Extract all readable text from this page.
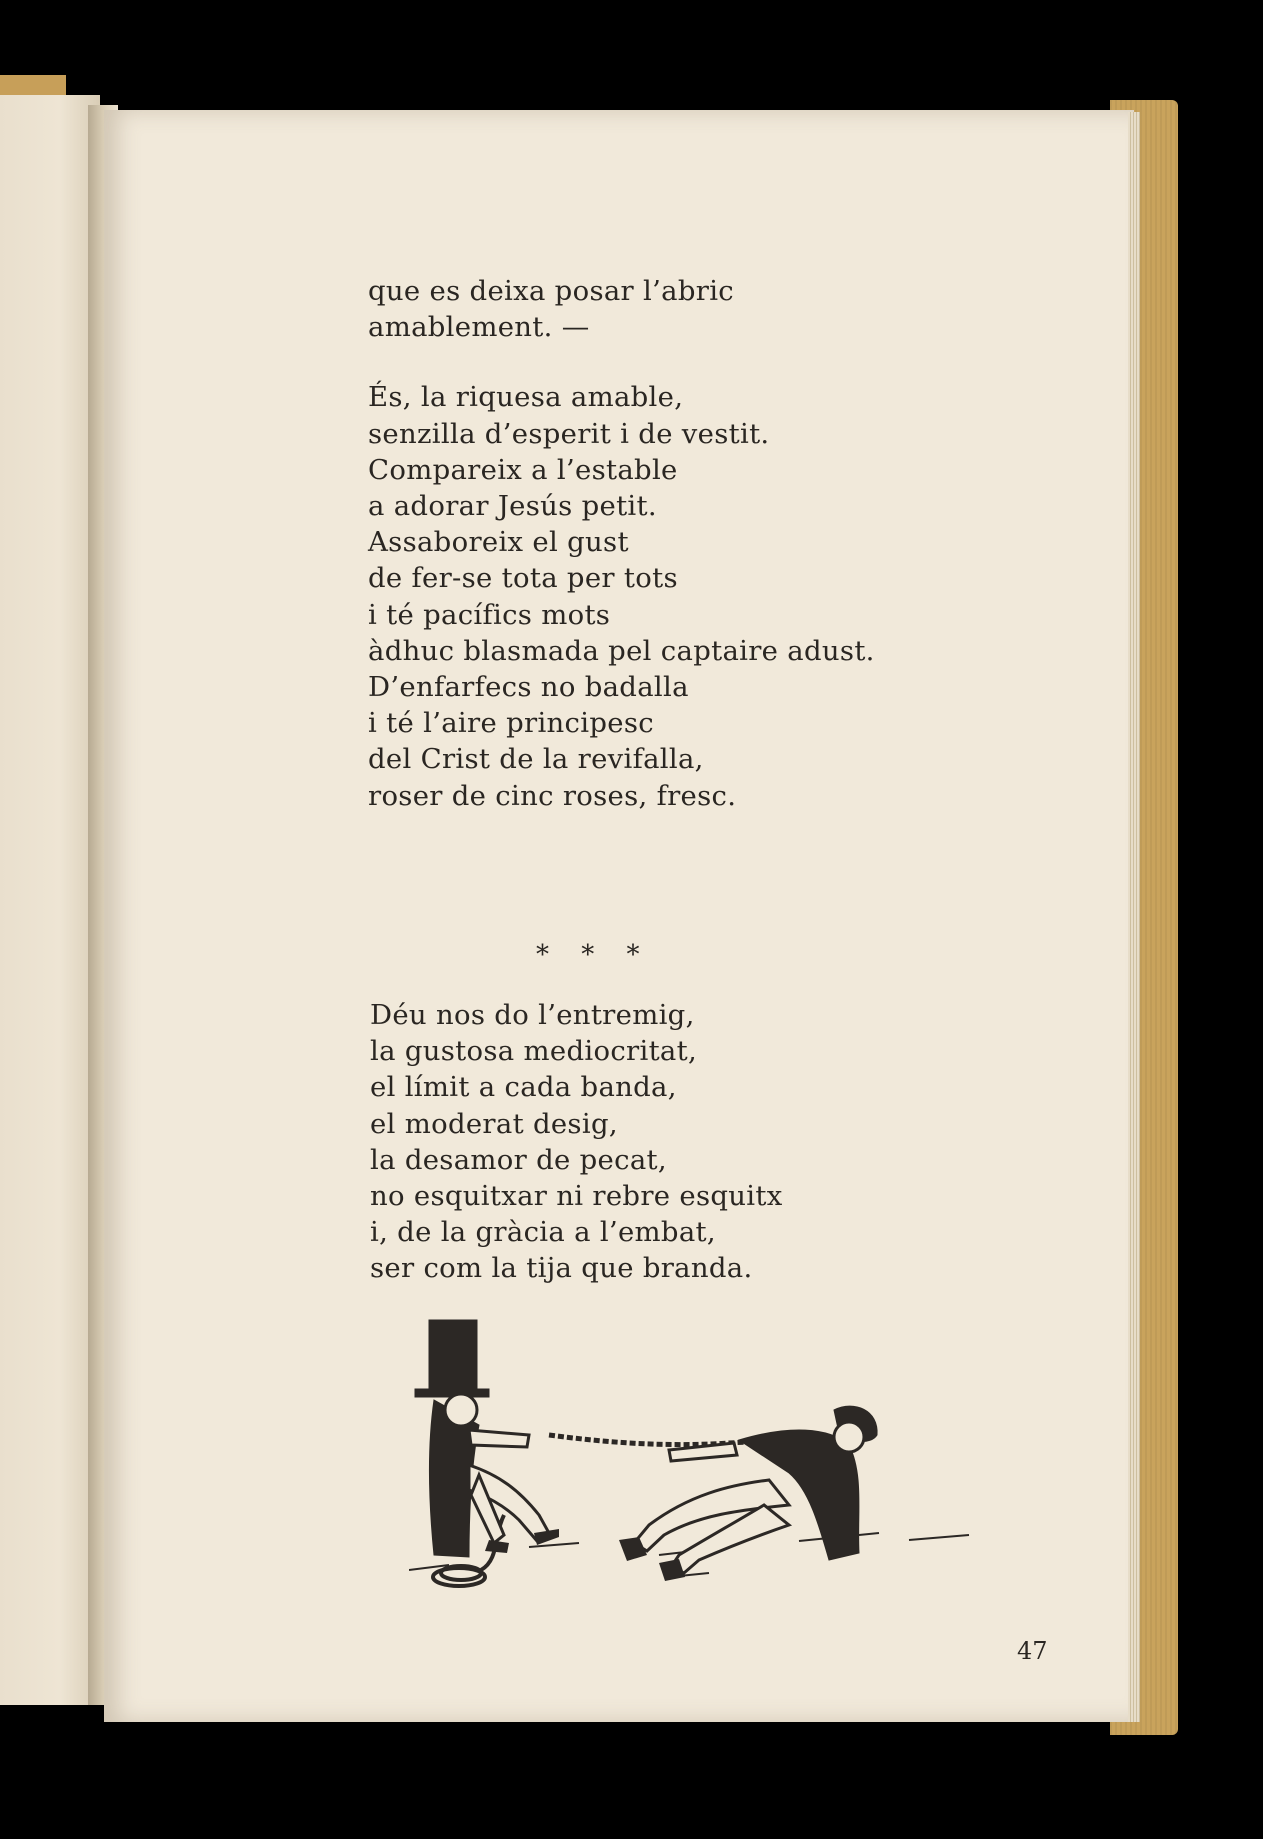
que es deixa posar l’abric
amablement. —
És, la riquesa amable,
senzilla d’esperit i de vestit.
Compareix a l’estable
a adorar Jesús petit.
Assaboreix el gust
de fer-se tota per tots
i té pacífics mots
àdhuc blasmada pel captaire adust.
D’enfarfecs no badalla
i té l’aire principesc
del Crist de la revifalla,
roser de cinc roses, fresc.
* * *
Déu nos do l’entremig,
la gustosa mediocritat,
el límit a cada banda,
el moderat desig,
la desamor de pecat,
no esquitxar ni rebre esquitx
i, de la gràcia a l’embat,
ser com la tija que branda.
47
